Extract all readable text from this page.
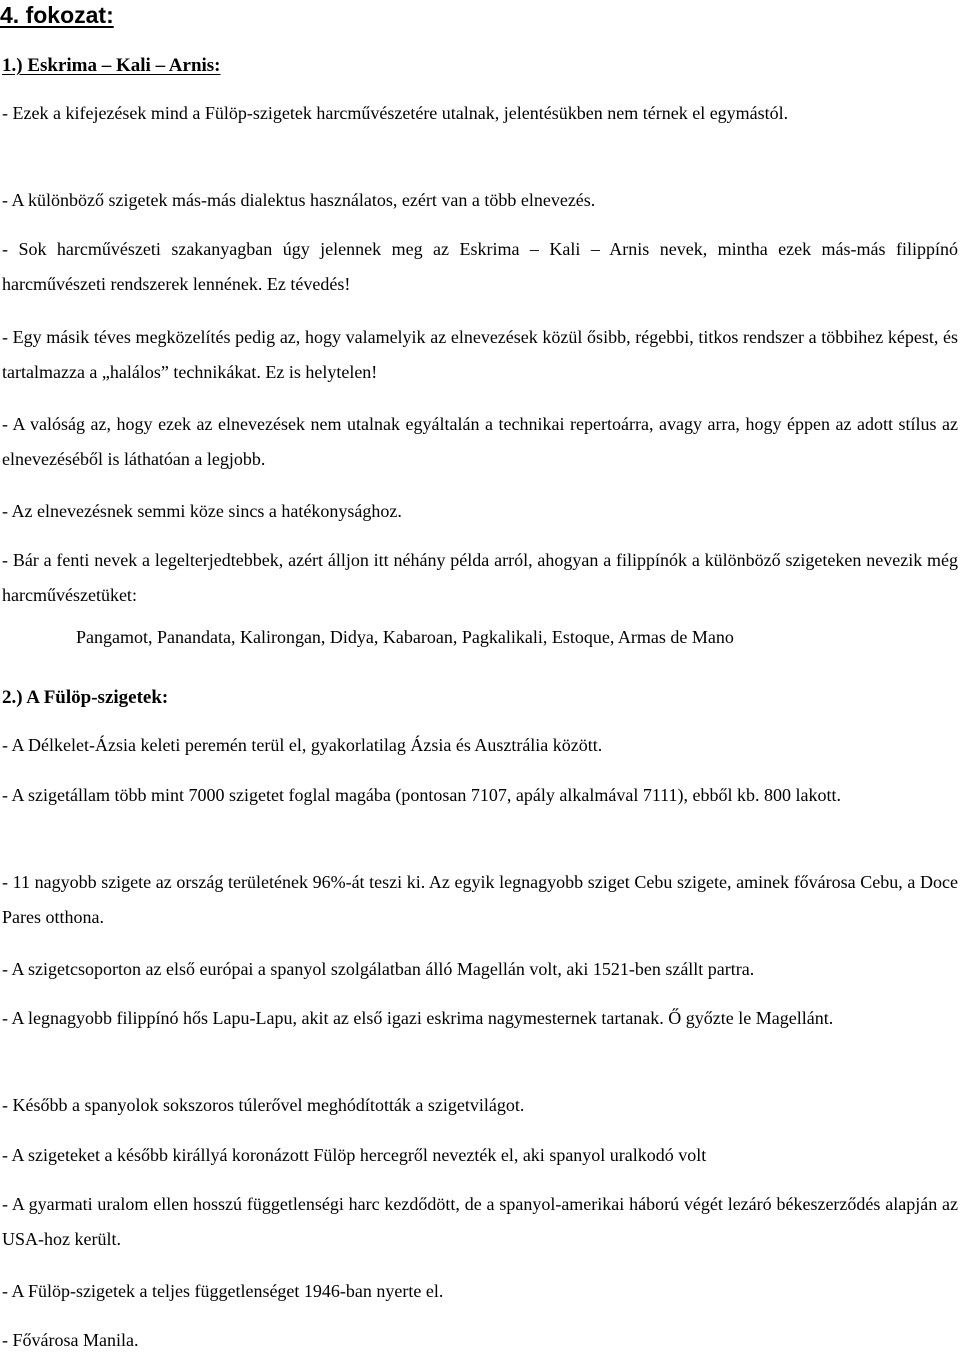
4. fokozat:
1.) Eskrima – Kali – Arnis:

- Ezek a kifejezések mind a Fülöp-szigetek harcművészetére utalnak, jelentésükben nem térnek el egymástól.

- A különböző szigetek más-más dialektus használatos, ezért van a több elnevezés.

- Sok harcművészeti szakanyagban úgy jelennek meg az Eskrima – Kali – Arnis nevek, mintha ezek más-más filippínó harcművészeti rendszerek lennének. Ez tévedés!

- Egy másik téves megközelítés pedig az, hogy valamelyik az elnevezések közül ősibb, régebbi, titkos rendszer a többihez képest, és tartalmazza a „halálos” technikákat. Ez is helytelen!

- A valóság az, hogy ezek az elnevezések nem utalnak egyáltalán a technikai repertoárra, avagy arra, hogy éppen az adott stílus az elnevezéséből is láthatóan a legjobb.

- Az elnevezésnek semmi köze sincs a hatékonysághoz.

- Bár a fenti nevek a legelterjedtebbek, azért álljon itt néhány példa arról, ahogyan a filippínók a különböző szigeteken nevezik még harcművészetüket:

Pangamot, Panandata, Kalirongan, Didya, Kabaroan, Pagkalikali, Estoque, Armas de Mano

2.) A Fülöp-szigetek:

- A Délkelet-Ázsia keleti peremén terül el, gyakorlatilag Ázsia és Ausztrália között.

- A szigetállam több mint 7000 szigetet foglal magába (pontosan 7107, apály alkalmával 7111), ebből kb. 800 lakott.

- 11 nagyobb szigete az ország területének 96%-át teszi ki. Az egyik legnagyobb sziget Cebu szigete, aminek fővárosa Cebu, a Doce Pares otthona.

- A szigetcsoporton az első európai a spanyol szolgálatban álló Magellán volt, aki 1521-ben szállt partra.

- A legnagyobb filippínó hős Lapu-Lapu, akit az első igazi eskrima nagymesternek tartanak. Ő győzte le Magellánt.

- Később a spanyolok sokszoros túlerővel meghódították a szigetvilágot.

- A szigeteket a később királlyá koronázott Fülöp hercegről nevezték el, aki spanyol uralkodó volt

- A gyarmati uralom ellen hosszú függetlenségi harc kezdődött, de a spanyol-amerikai háború végét lezáró békeszerződés alapján az USA-hoz került.

- A Fülöp-szigetek a teljes függetlenséget 1946-ban nyerte el.

- Fővárosa Manila.
